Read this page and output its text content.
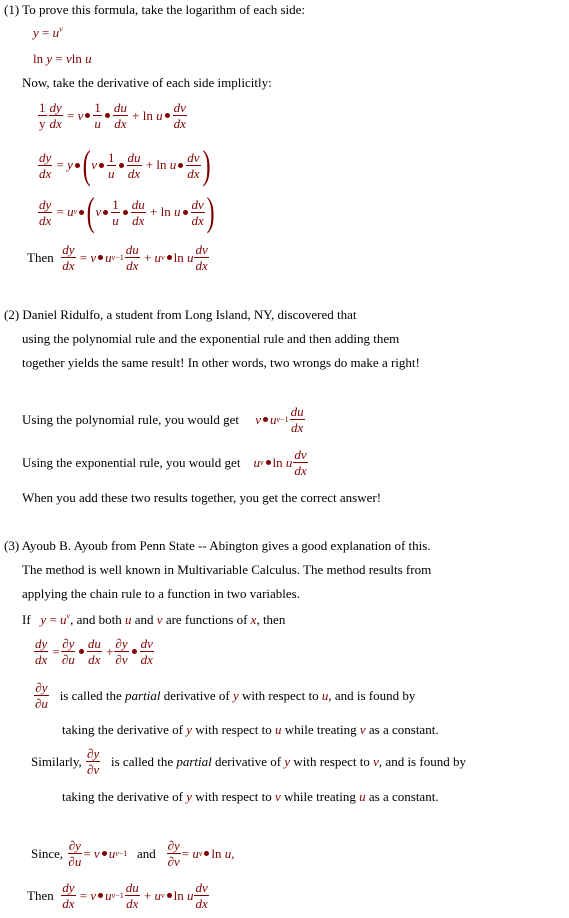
(1) To prove this formula, take the logarithm of each side:
$y = u^v$
ln y = vln u
Now, take the derivative of each side implicitly:
$\frac{1}{y} \frac{dy}{dx} = v \frac{1}{u} \frac{du}{dx} + \ln u \frac{dv}{dx}$
$\frac{dy}{dx} = y$ ( v $\frac{1}{u} \frac{du}{dx} + \ln u \frac{dv}{dx}$ )
$\frac{dy}{dx} = u$ v ( v $\frac{1}{u} \frac{du}{dx} + \ln u \frac{dv}{dx}$ )
Then
$\frac{dy}{dx} = v$ u $v-1 \frac{du}{dx} + u$ v ln u $\frac{dv}{dx}$
(2) Daniel Ridulfo, a student from Long Island, NY, discovered that
using the polynomial rule and the exponential rule and then adding them
together yields the same result! In other words, two wrongs do make a right!
Using the polynomial rule, you would get
v u $v-1 \frac{du}{dx}$
Using the exponential rule, you would get
u v ln u $\frac{dv}{dx}$
When you add these two results together, you get the correct answer!
(3) Ayoub B. Ayoub from Penn State -- Abington gives a good explanation of this.
The method is well known in Multivariable Calculus. The method results from
applying the chain rule to a function in two variables.
If $y = u^v$, and both u and v are functions of x, then
$\frac{dy}{dx} = \frac{\partial y}{\partial u} \frac{du}{dx} + \frac{\partial y}{\partial v} \frac{dv}{dx}$
$\frac{\partial y}{\partial u}$
is called the
partial
derivative of
y
with respect to
u , and is found by
taking the derivative of y with respect to u while treating v as a constant.
Similarly,
$\frac{\partial y}{\partial v}$
is called the
partial
derivative of
y
with respect to
v , and is found by
taking the derivative of y with respect to v while treating u as a constant.
Since,
$\frac{\partial y}{\partial u} = v$ u v−1
and
$\frac{\partial y}{\partial v} = u$ v ln u ,
Then
$\frac{dy}{dx} = v$ u $v-1 \frac{du}{dx} + u$ v ln u $\frac{dv}{dx}$
